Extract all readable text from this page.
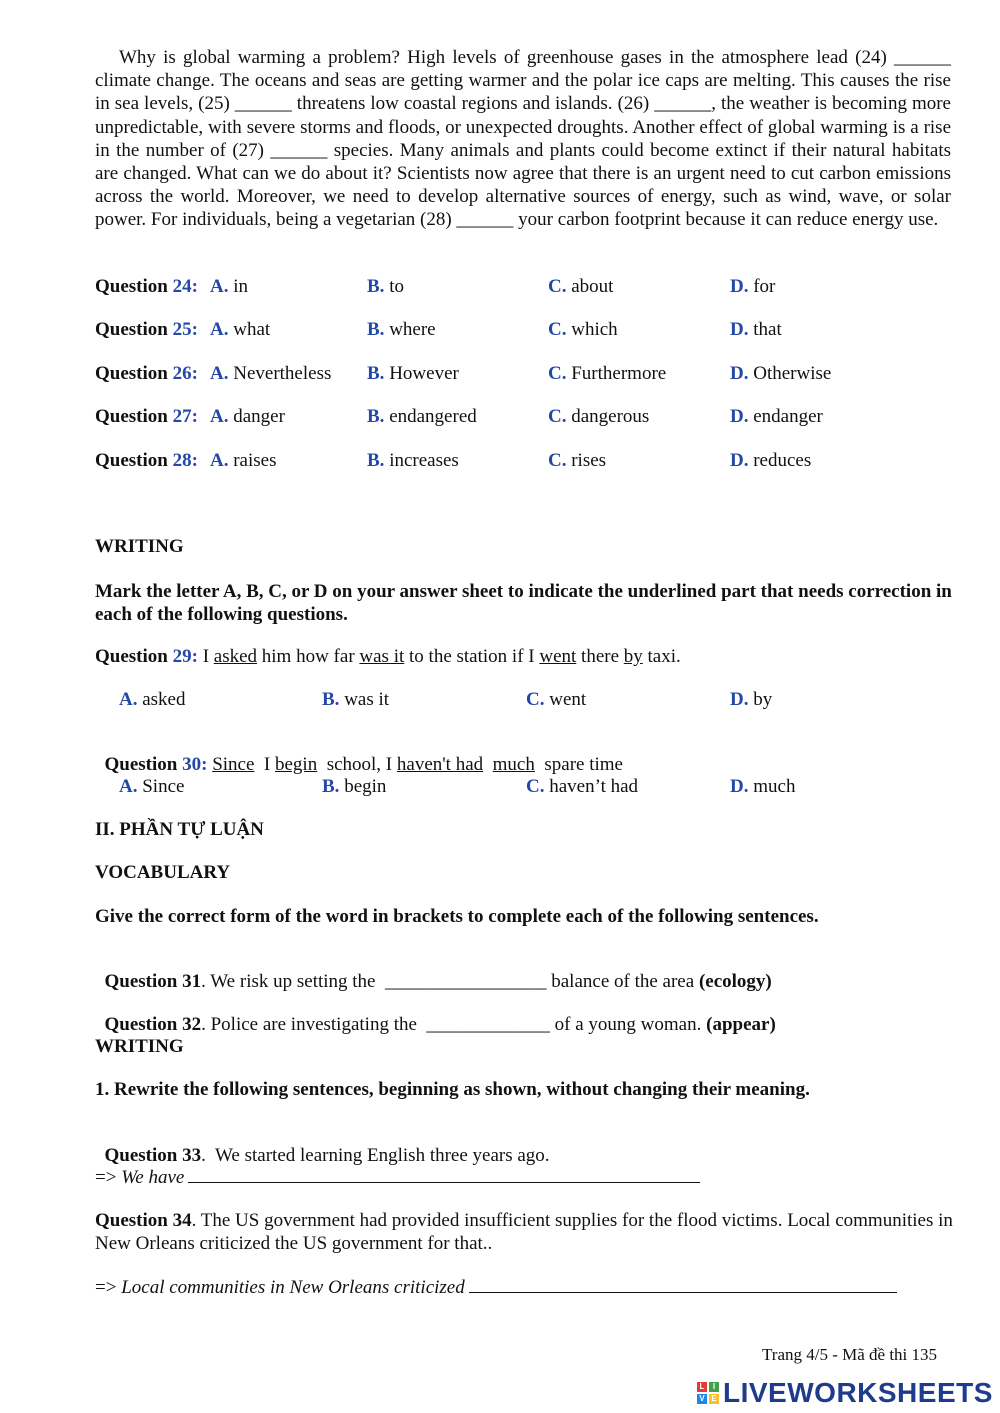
Why is global warming a problem? High levels of greenhouse gases in the atmosphere lead (24) ______ climate change. The oceans and seas are getting warmer and the polar ice caps are melting. This causes the rise in sea levels, (25) ______ threatens low coastal regions and islands. (26) ______, the weather is becoming more unpredictable, with severe storms and floods, or unexpected droughts. Another effect of global warming is a rise in the number of (27) ______ species. Many animals and plants could become extinct if their natural habitats are changed. What can we do about it? Scientists now agree that there is an urgent need to cut carbon emissions across the world. Moreover, we need to develop alternative sources of energy, such as wind, wave, or solar power. For individuals, being a vegetarian (28) ______ your carbon footprint because it can reduce energy use.
Question 24: A. in	B. to	C. about	D. for
Question 25: A. what	B. where	C. which	D. that
Question 26: A. Nevertheless B. However	C. Furthermore	D. Otherwise
Question 27: A. danger	B. endangered	C. dangerous	D. endanger
Question 28: A. raises	B. increases	C. rises	D. reduces
WRITING
Mark the letter A, B, C, or D on your answer sheet to indicate the underlined part that needs correction in each of the following questions.
Question 29: I asked him how far was it to the station if I went there by taxi.
A. asked	B. was it	C. went	D. by

Question 30: Since  I begin  school, I haven't had much  spare time

A. Since	B. begin	C. haven’t had	D. much
II. PHẦN TỰ LUẬN
VOCABULARY
Give the correct form of the word in brackets to complete each of the following sentences.

Question 31. We risk up setting the  _________________ balance of the area (ecology)

Question 32. Police are investigating the  _____________ of a young woman. (appear)

WRITING
1. Rewrite the following sentences, beginning as shown, without changing their meaning.

Question 33.  We started learning English three years ago.

=> We have
Question 34. The US government had provided insufficient supplies for the flood victims. Local communities in New Orleans criticized the US government for that..
=> Local communities in New Orleans criticized
Trang 4/5 - Mã đề thi 135
L	I
V E LIVEWORKSHEETS
